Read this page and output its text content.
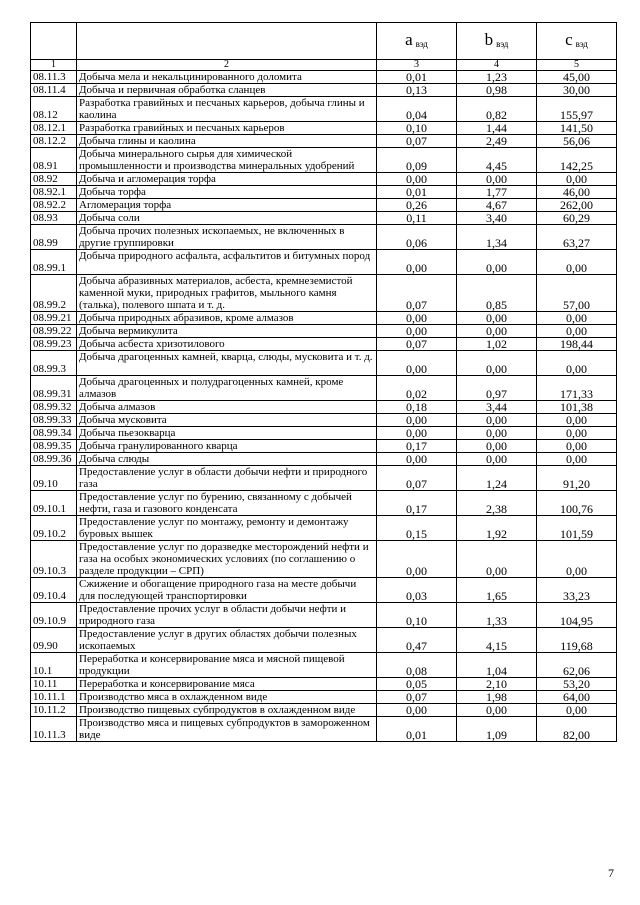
		a $_{вэд}$	b $_{вэд}$	c $_{вэд}$
1	2	3	4	5
08.11.3	Добыча мела и некальцинированного доломита	0,01	1,23	45,00
08.11.4	Добыча и первичная обработка сланцев	0,13	0,98	30,00
08.12	Разработка гравийных и песчаных карьеров, добыча глины и каолина	0,04	0,82	155,97
08.12.1	Разработка гравийных и песчаных карьеров	0,10	1,44	141,50
08.12.2	Добыча глины и каолина	0,07	2,49	56,06
08.91	Добыча минерального сырья для химической промышленности и производства минеральных удобрений	0,09	4,45	142,25
08.92	Добыча и агломерация торфа	0,00	0,00	0,00
08.92.1	Добыча торфа	0,01	1,77	46,00
08.92.2	Агломерация торфа	0,26	4,67	262,00
08.93	Добыча соли	0,11	3,40	60,29
08.99	Добыча прочих полезных ископаемых, не включенных в другие группировки	0,06	1,34	63,27
08.99.1	Добыча природного асфальта, асфальтитов и битумных пород	0,00	0,00	0,00
08.99.2	Добыча абразивных материалов, асбеста, кремнеземистой каменной муки, природных графитов, мыльного камня (талька), полевого шпата и т. д.	0,07	0,85	57,00
08.99.21	Добыча природных абразивов, кроме алмазов	0,00	0,00	0,00
08.99.22	Добыча вермикулита	0,00	0,00	0,00
08.99.23	Добыча асбеста хризотилового	0,07	1,02	198,44
08.99.3	Добыча драгоценных камней, кварца, слюды, мусковита и т. д.	0,00	0,00	0,00
08.99.31	Добыча драгоценных и полудрагоценных камней, кроме алмазов	0,02	0,97	171,33
08.99.32	Добыча алмазов	0,18	3,44	101,38
08.99.33	Добыча мусковита	0,00	0,00	0,00
08.99.34	Добыча пьезокварца	0,00	0,00	0,00
08.99.35	Добыча гранулированного кварца	0,17	0,00	0,00
08.99.36	Добыча слюды	0,00	0,00	0,00
09.10	Предоставление услуг в области добычи нефти и природного газа	0,07	1,24	91,20
09.10.1	Предоставление услуг по бурению, связанному с добычей нефти, газа и газового конденсата	0,17	2,38	100,76
09.10.2	Предоставление услуг по монтажу, ремонту и демонтажу буровых вышек	0,15	1,92	101,59
09.10.3	Предоставление услуг по доразведке месторождений нефти и газа на особых экономических условиях (по соглашению о разделе продукции – СРП)	0,00	0,00	0,00
09.10.4	Сжижение и обогащение природного газа на месте добычи для последующей транспортировки	0,03	1,65	33,23
09.10.9	Предоставление прочих услуг в области добычи нефти и природного газа	0,10	1,33	104,95
09.90	Предоставление услуг в других областях добычи полезных ископаемых	0,47	4,15	119,68
10.1	Переработка и консервирование мяса и мясной пищевой продукции	0,08	1,04	62,06
10.11	Переработка и консервирование мяса	0,05	2,10	53,20
10.11.1	Производство мяса в охлажденном виде	0,07	1,98	64,00
10.11.2	Производство пищевых субпродуктов в охлажденном виде	0,00	0,00	0,00
10.11.3	Производство мяса и пищевых субпродуктов в замороженном виде	0,01	1,09	82,00
7
